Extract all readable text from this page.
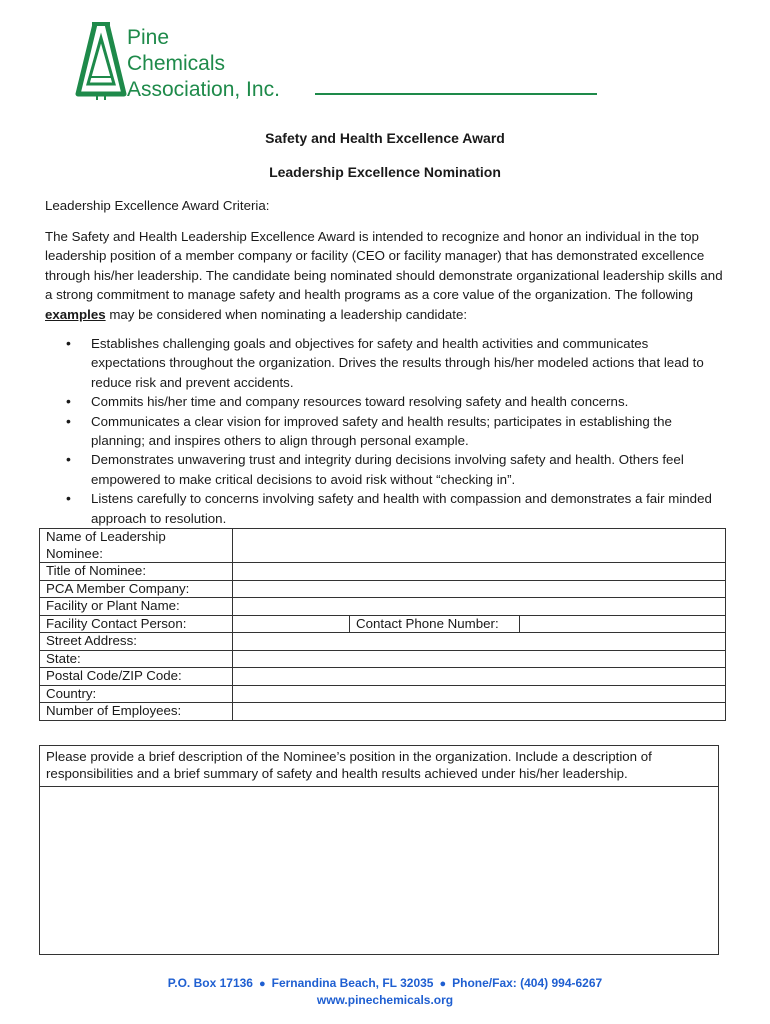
Pine
Chemicals
Association, Inc.
Safety and Health Excellence Award
Leadership Excellence Nomination
Leadership Excellence Award Criteria:
The Safety and Health Leadership Excellence Award is intended to recognize and honor an individual in the top leadership position of a member company or facility (CEO or facility manager) that has demonstrated excellence through his/her leadership. The candidate being nominated should demonstrate organizational leadership skills and a strong commitment to manage safety and health programs as a core value of the organization. The following examples may be considered when nominating a leadership candidate:
• Establishes challenging goals and objectives for safety and health activities and communicates expectations throughout the organization. Drives the results through his/her modeled actions that lead to reduce risk and prevent accidents.
• Commits his/her time and company resources toward resolving safety and health concerns.
• Communicates a clear vision for improved safety and health results; participates in establishing the planning; and inspires others to align through personal example.
• Demonstrates unwavering trust and integrity during decisions involving safety and health. Others feel empowered to make critical decisions to avoid risk without “checking in”.
• Listens carefully to concerns involving safety and health with compassion and demonstrates a fair minded approach to resolution.
Name of Leadership Nominee:			
Title of Nominee:			
PCA Member Company:			
Facility or Plant Name:			
Facility Contact Person:		Contact Phone Number:	
Street Address:			
State:			
Postal Code/ZIP Code:			
Country:			
Number of Employees:			
Please provide a brief description of the Nominee’s position in the organization. Include a description of responsibilities and a brief summary of safety and health results achieved under his/her leadership.
P.O. Box 17136 ● Fernandina Beach, FL 32035 ● Phone/Fax: (404) 994-6267
www.pinechemicals.org
